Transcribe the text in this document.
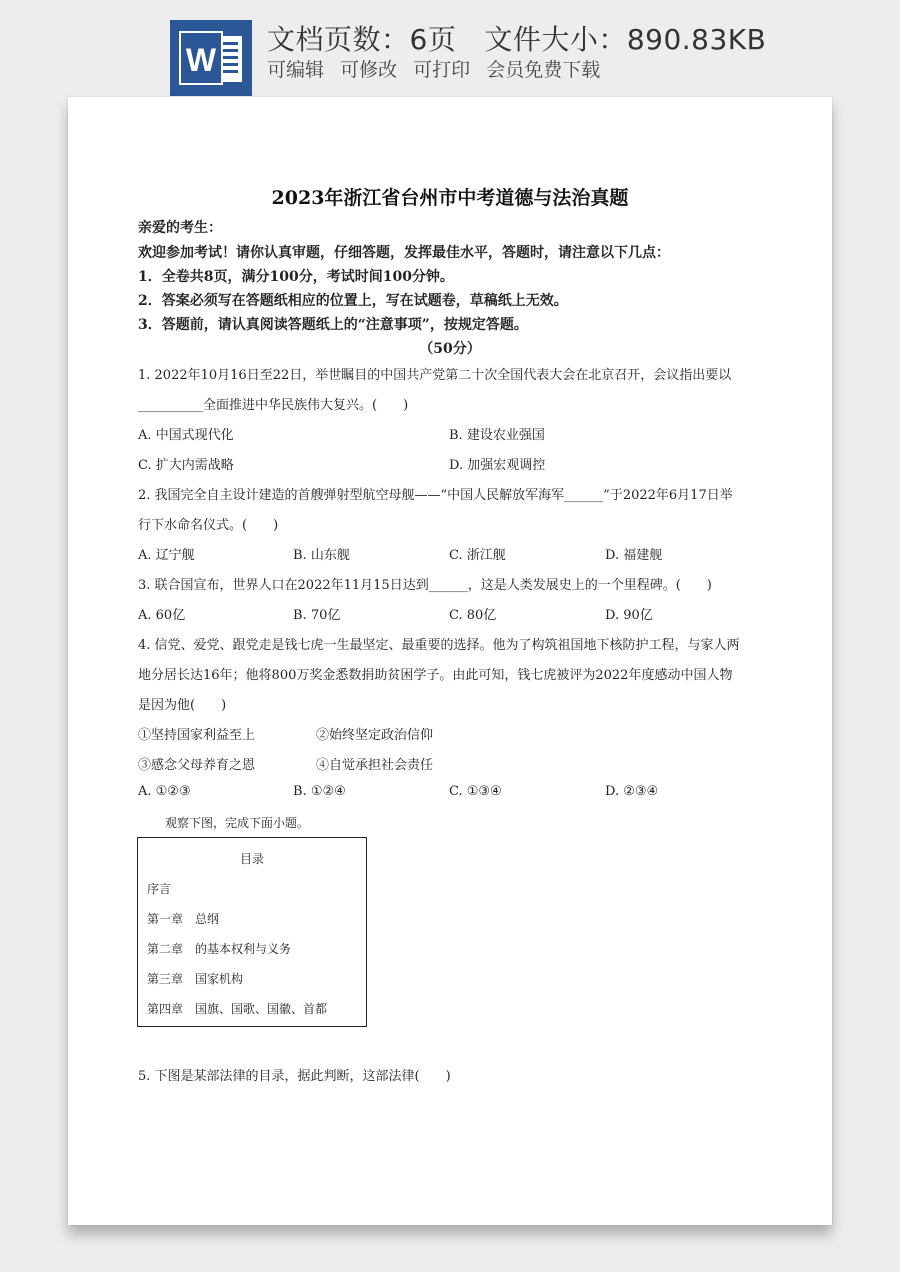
W
文档页数：6页 文件大小：890.83KB
可编辑 可修改 可打印 会员免费下载
2023年浙江省台州市中考道德与法治真题
亲爱的考生：
欢迎参加考试！请你认真审题，仔细答题，发挥最佳水平，答题时，请注意以下几点：
1．全卷共8页，满分100分，考试时间100分钟。
2．答案必须写在答题纸相应的位置上，写在试题卷，草稿纸上无效。
3．答题前，请认真阅读答题纸上的“注意事项”，按规定答题。
（50分）
1. 2022年10月16日至22日，举世瞩目的中国共产党第二十次全国代表大会在北京召开，会议指出要以
__________全面推进中华民族伟大复兴。(　　)
A. 中国式现代化	B. 建设农业强国
C. 扩大内需战略	D. 加强宏观调控
2. 我国完全自主设计建造的首艘弹射型航空母舰——“中国人民解放军海军______”于2022年6月17日举
行下水命名仪式。(　　)
A. 辽宁舰	B. 山东舰	C. 浙江舰	D. 福建舰
3. 联合国宣布，世界人口在2022年11月15日达到______，这是人类发展史上的一个里程碑。(　　)
A. 60亿	B. 70亿	C. 80亿	D. 90亿
4. 信党、爱党、跟党走是钱七虎一生最坚定、最重要的选择。他为了构筑祖国地下核防护工程，与家人两
地分居长达16年；他将800万奖金悉数捐助贫困学子。由此可知，钱七虎被评为2022年度感动中国人物
是因为他(　　)
①坚持国家利益至上	②始终坚定政治信仰
③感念父母养育之恩	④自觉承担社会责任
A. ①②③	B. ①②④	C. ①③④	D. ②③④
观察下图，完成下面小题。
目录
序言
第一章　总纲
第二章　的基本权利与义务
第三章　国家机构
第四章　国旗、国歌、国徽、首都
5. 下图是某部法律的目录，据此判断，这部法律(　　)
